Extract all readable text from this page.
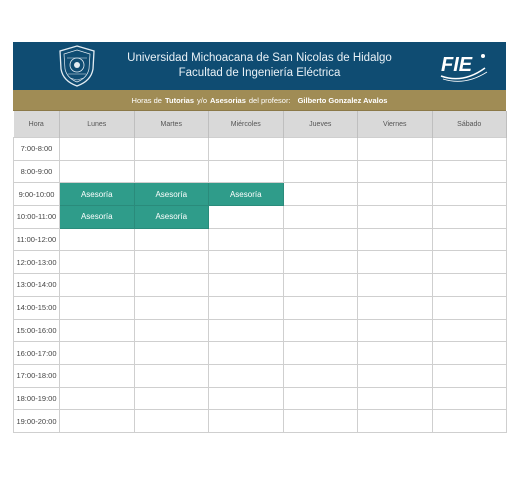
Universidad Michoacana de San Nicolas de Hidalgo
Facultad de Ingeniería Eléctrica	FIE
Horas de Tutorias y/o Asesorias del profesor: Gilberto Gonzalez Avalos
Hora	Lunes	Martes	Miércoles	Jueves	Viernes	Sábado
7:00-8:00						
8:00-9:00						
9:00-10:00	Asesoría	Asesoría	Asesoría			
10:00-11:00	Asesoría	Asesoría				
11:00-12:00						
12:00-13:00						
13:00-14:00						
14:00-15:00						
15:00-16:00						
16:00-17:00						
17:00-18:00						
18:00-19:00						
19:00-20:00						
